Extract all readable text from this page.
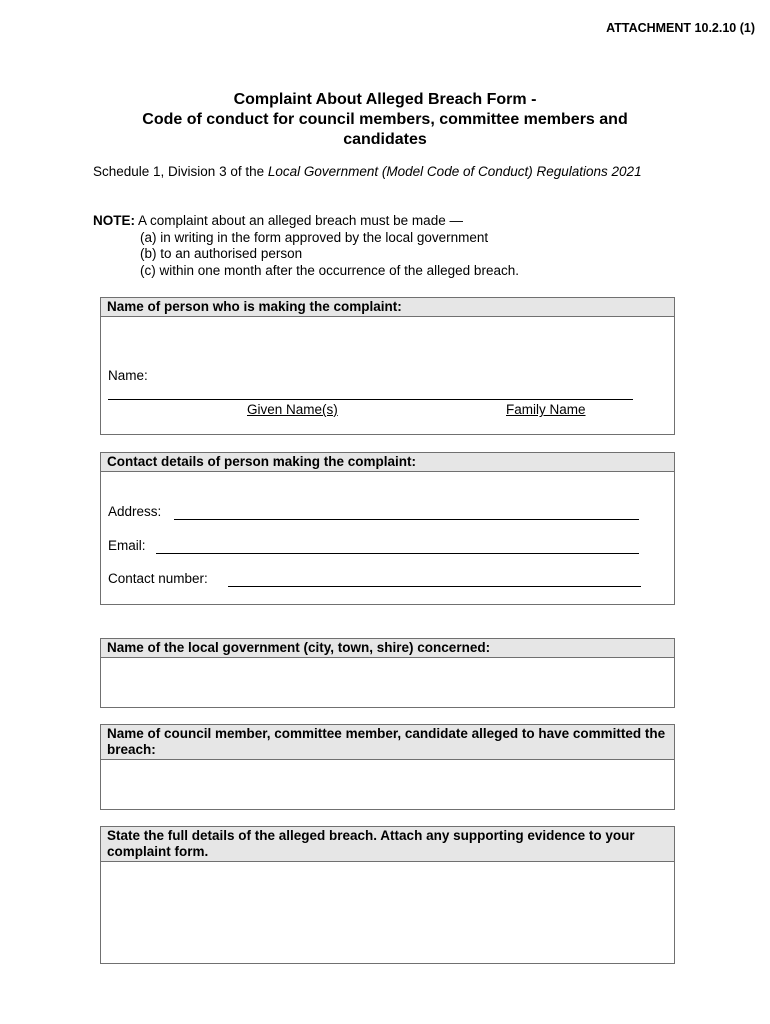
ATTACHMENT 10.2.10 (1)
Complaint About Alleged Breach Form -
Code of conduct for council members, committee members and
candidates
Schedule 1, Division 3 of the Local Government (Model Code of Conduct) Regulations 2021
NOTE: A complaint about an alleged breach must be made —
(a) in writing in the form approved by the local government
(b) to an authorised person
(c) within one month after the occurrence of the alleged breach.
Name of person who is making the complaint:
Name:
Given Name(s)	Family Name
Contact details of person making the complaint:
Address:
Email:
Contact number:
Name of the local government (city, town, shire) concerned:
Name of council member, committee member, candidate alleged to have committed the breach:
State the full details of the alleged breach. Attach any supporting evidence to your complaint form.
